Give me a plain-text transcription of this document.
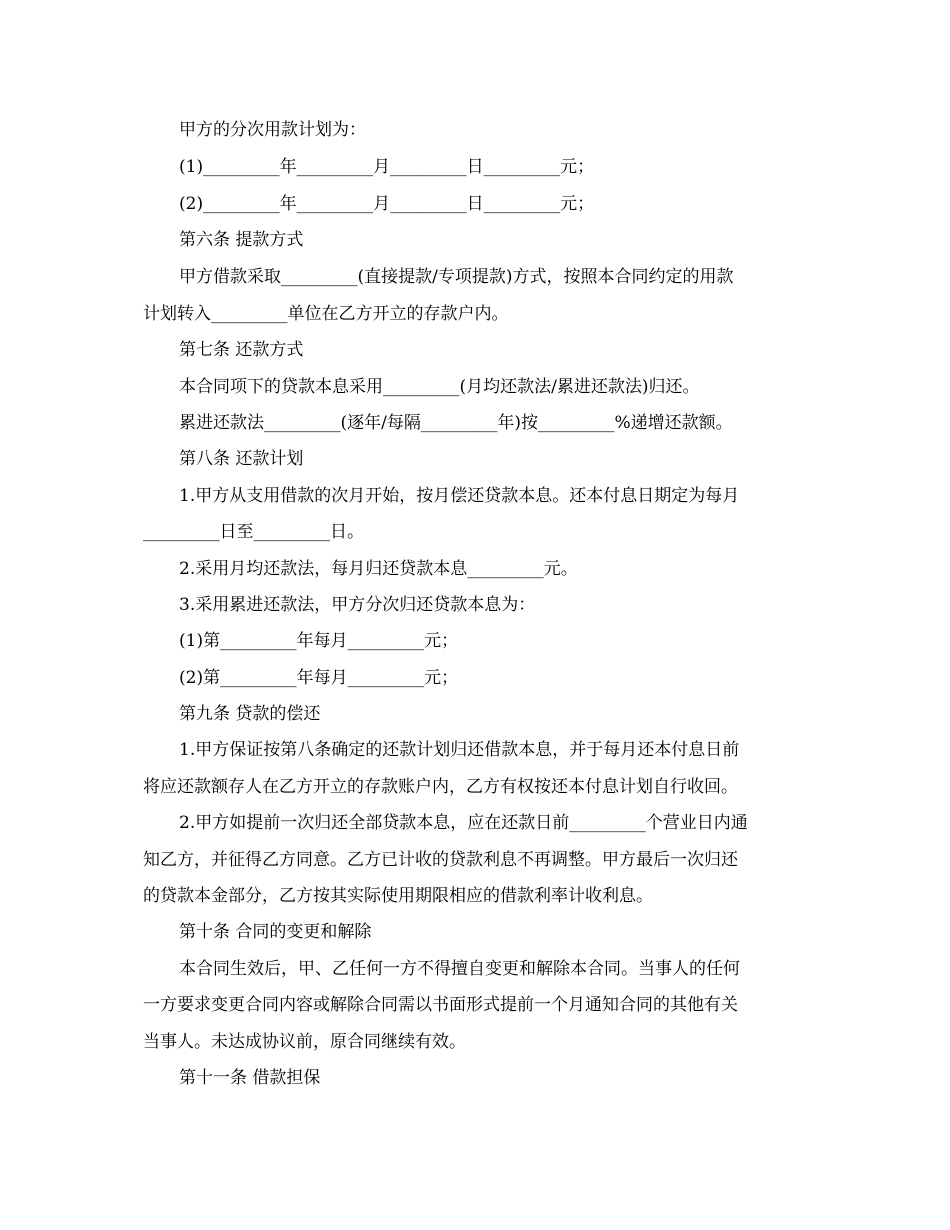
甲方的分次用款计划为：
(1)_________年_________月_________日_________元；
(2)_________年_________月_________日_________元；
第六条 提款方式
甲方借款采取_________(直接提款/专项提款)方式，按照本合同约定的用款
计划转入_________单位在乙方开立的存款户内。
第七条 还款方式
本合同项下的贷款本息采用_________(月均还款法/累进还款法)归还。
累进还款法_________(逐年/每隔_________年)按_________%递增还款额。
第八条 还款计划
1.甲方从支用借款的次月开始，按月偿还贷款本息。还本付息日期定为每月
_________日至_________日。
2.采用月均还款法，每月归还贷款本息_________元。
3.采用累进还款法，甲方分次归还贷款本息为：
(1)第_________年每月_________元；
(2)第_________年每月_________元；
第九条 贷款的偿还
1.甲方保证按第八条确定的还款计划归还借款本息，并于每月还本付息日前
将应还款额存人在乙方开立的存款账户内，乙方有权按还本付息计划自行收回。
2.甲方如提前一次归还全部贷款本息，应在还款日前_________个营业日内通
知乙方，并征得乙方同意。乙方已计收的贷款利息不再调整。甲方最后一次归还
的贷款本金部分，乙方按其实际使用期限相应的借款利率计收利息。
第十条 合同的变更和解除
本合同生效后，甲、乙任何一方不得擅自变更和解除本合同。当事人的任何
一方要求变更合同内容或解除合同需以书面形式提前一个月通知合同的其他有关
当事人。未达成协议前，原合同继续有效。
第十一条 借款担保
